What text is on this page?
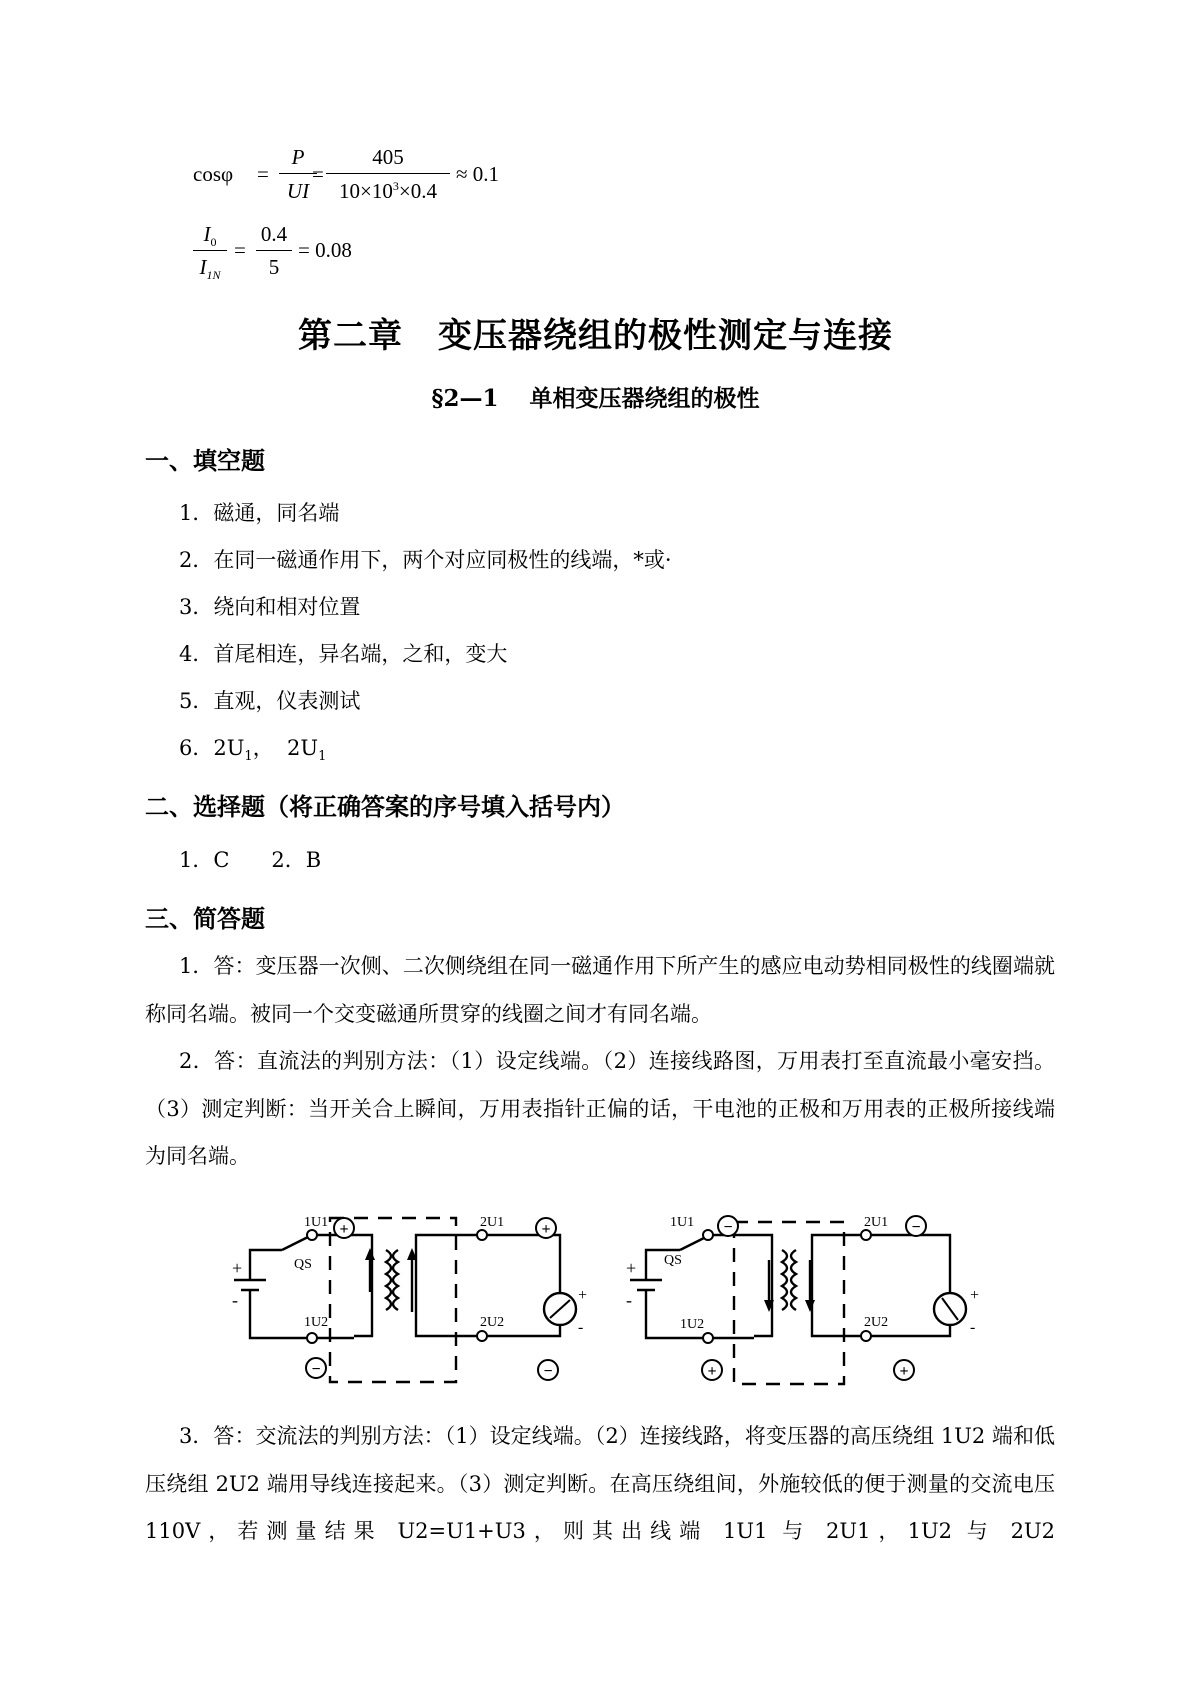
cosφ =
P
UI
=
405
$10\times 10^3\times 0.4$
≈ 0.1
$I_0$
$I_{1N}$
=
0.4
5
= 0.08
第二章　变压器绕组的极性测定与连接
§2—1　 单相变压器绕组的极性
一、填空题
1．磁通，同名端
2．在同一磁通作用下，两个对应同极性的线端，*或·
3．绕向和相对位置
4．首尾相连，异名端，之和，变大
5．直观，仪表测试
6．$2U_1$，  $2U_1$
二、选择题（将正确答案的序号填入括号内）
1．C　　2．B
三、简答题
1．答：变压器一次侧、二次侧绕组在同一磁通作用下所产生的感应电动势相同极性的线圈端就称同名端。被同一个交变磁通所贯穿的线圈之间才有同名端。
2．答：直流法的判别方法：（1）设定线端。（2）连接线路图，万用表打至直流最小毫安挡。（3）测定判断：当开关合上瞬间，万用表指针正偏的话，干电池的正极和万用表的正极所接线端为同名端。
3．答：交流法的判别方法：（1）设定线端。（2）连接线路，将变压器的高压绕组 1U2 端和低压绕组 2U2 端用导线连接起来。（3）测定判断。在高压绕组间，外施较低的便于测量的交流电压 110V，若测量结果 U2=U1+U3，则其出线端 1U1 与 2U1，1U2 与 2U2
+	+
−	−
1U1
1U2
2U1
2U2
QS
+
-	+
-
−	−
+	+
1U1
1U2
2U1
2U2
QS
+
-	+
-
